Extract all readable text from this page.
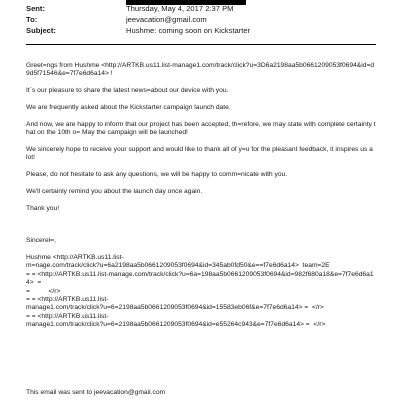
Sent:	Thursday, May 4, 2017 2:37 PM
To:	jeevacation@gmail.com
Subject:	Hushme: coming soon on Kickstarter

Greet=ngs from Hushme <http://ARTKB.us11.list-manage1.com/track/click?u=3D6a2198aa5b0661209053f0694&id=d9d5f71546&e=7f7e6d6a14> !

It´s our pleasure to share the latest news=about our device with you.

We are frequently asked about the Kickstarter campaign launch date.

And now, we are happy to inform that our project has been accepted, th=refore, we may state with complete certainty that on the 10th o= May the campaign will be launched!

We sincerely hope to receive your support and would like to thank all of y=u for the pleasant feedback, it inspires us a lot!

Please, do not hesitate to ask any questions, we will be happy to comm=nicate with you.

We'll certainly remind you about the launch day once again.

Thank you!

Sincerel=,

Hushme <http://ARTKB.us11.list-
m=nage.com/track/click?u=6a2198aa5b0661209053f0694&id=345ab0fd50&e==f7e6d6a14>  team=2E
= = <http://ARTKB.us11.list-manage.com/track/click?u=6a=198aa5b0661209053f0694&id=982f680a18&e=7f7e6d6a14>  =
=          </r>
= = <http://ARTKB.us11.list-
manage1.com/track/click?u=6=2198aa5b0661209053f0694&id=15583eb06f&e=7f7e6d6a14> =  </r>
= = <http://ARTKB.us11.list-
manage1.com/track/click?u=6=2198aa5b0661209053f0694&id=e55264c943&e=7f7e6d6a14> =  </r>

This email was sent to jeevacation@gmail.com
